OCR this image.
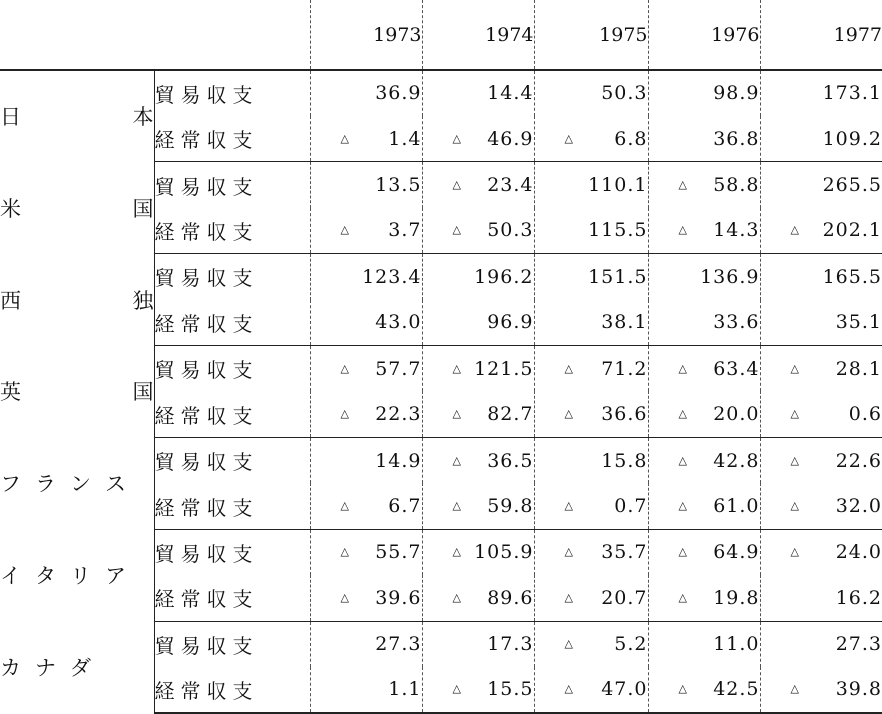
		1973	1974	1975	1976	1977

日 本	貿易収支	36.9	14.4	50.3	98.9	173.1
	経常収支	△ 1.4	△ 46.9	△ 6.8	36.8	109.2

米 国	貿易収支	13.5	△ 23.4	110.1	△ 58.8	265.5
	経常収支	△ 3.7	△ 50.3	115.5	△ 14.3	△ 202.1

西 独	貿易収支	123.4	196.2	151.5	136.9	165.5
	経常収支	43.0	96.9	38.1	33.6	35.1

英 国	貿易収支	△ 57.7	△ 121.5	△ 71.2	△ 63.4	△ 28.1
	経常収支	△ 22.3	△ 82.7	△ 36.6	△ 20.0	△ 0.6

フ ラ ン ス	貿易収支	14.9	△ 36.5	15.8	△ 42.8	△ 22.6
	経常収支	△ 6.7	△ 59.8	△ 0.7	△ 61.0	△ 32.0

イ タ リ ア	貿易収支	△ 55.7	△ 105.9	△ 35.7	△ 64.9	△ 24.0
	経常収支	△ 39.6	△ 89.6	△ 20.7	△ 19.8	16.2

カ ナ ダ	貿易収支	27.3	17.3	△ 5.2	11.0	27.3
	経常収支	1.1	△ 15.5	△ 47.0	△ 42.5	△ 39.8
